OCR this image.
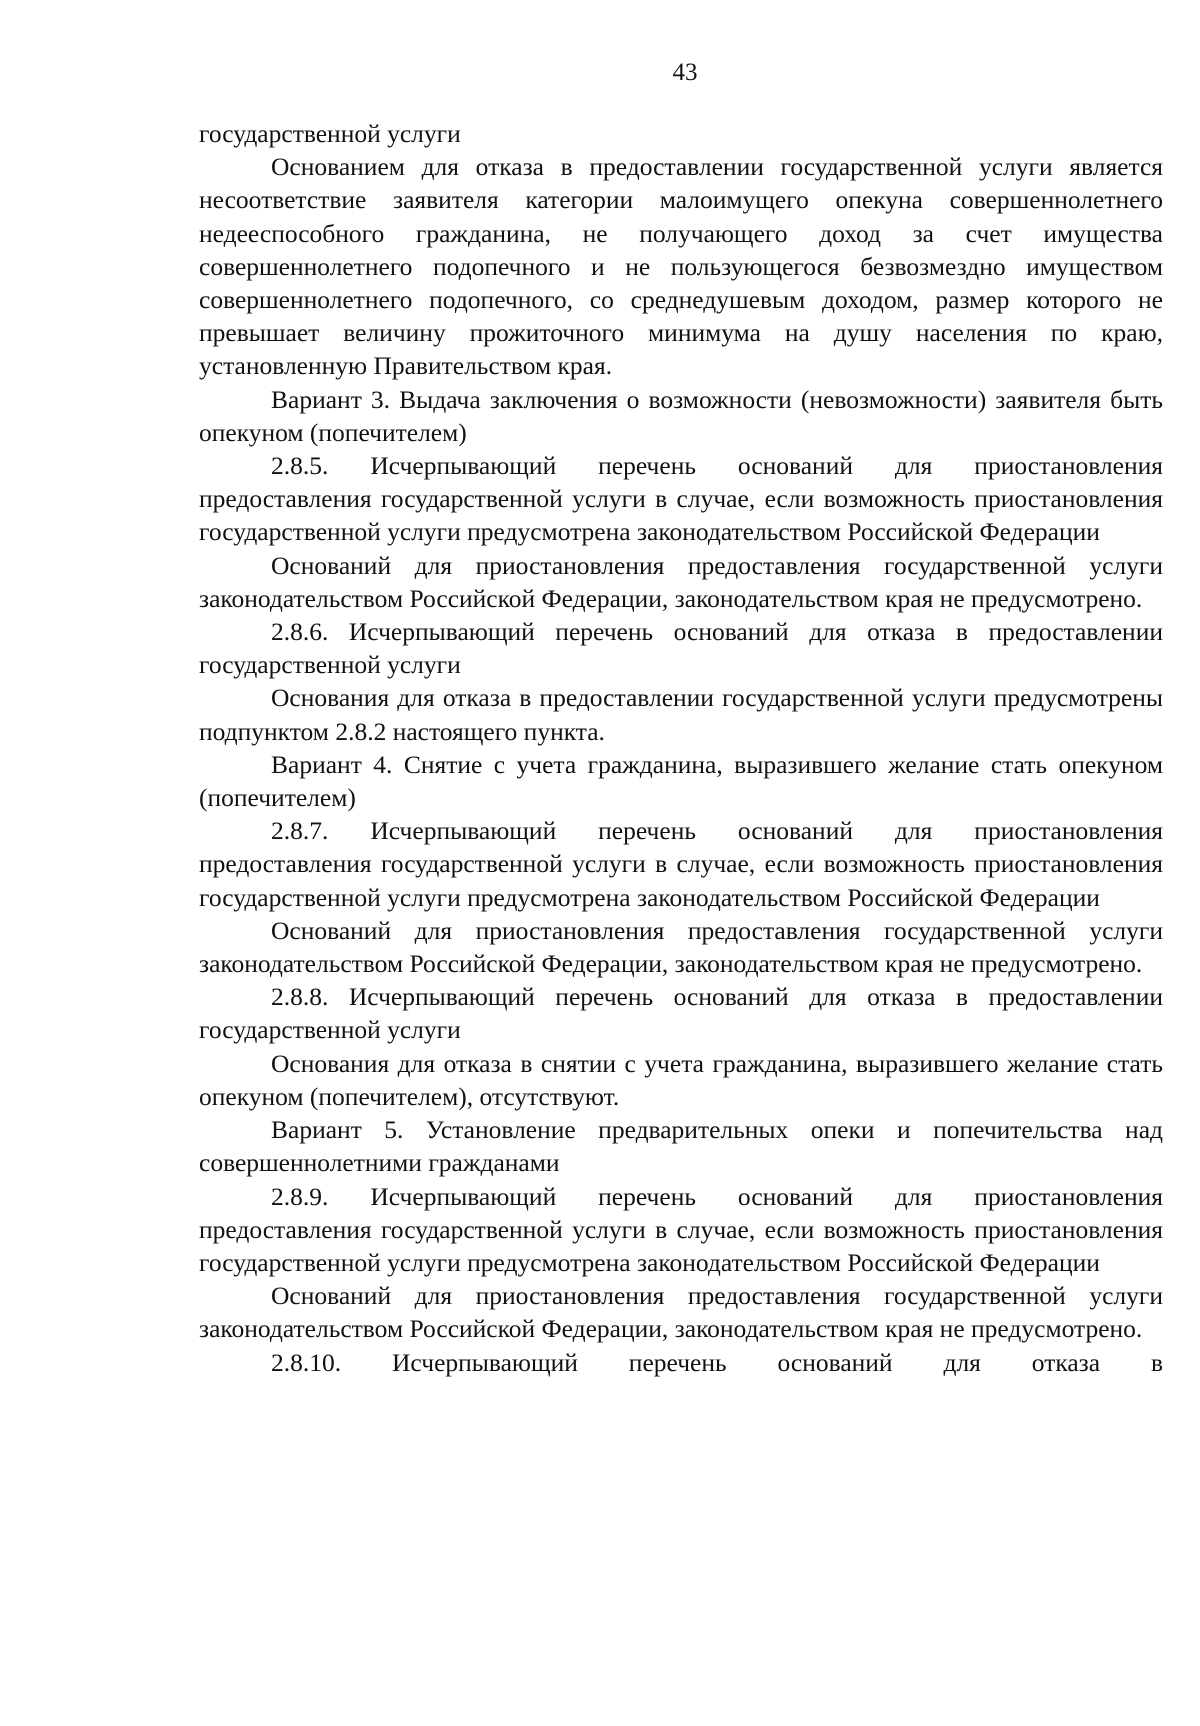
43

государственной услуги

Основанием для отказа в предоставлении государственной услуги является несоответствие заявителя категории малоимущего опекуна совершеннолетнего недееспособного гражданина, не получающего доход за счет имущества совершеннолетнего подопечного и не пользующегося безвозмездно имуществом совершеннолетнего подопечного, со среднедушевым доходом, размер которого не превышает величину прожиточного минимума на душу населения по краю, установленную Правительством края.

Вариант 3. Выдача заключения о возможности (невозможности) заявителя быть опекуном (попечителем)

2.8.5. Исчерпывающий перечень оснований для приостановления предоставления государственной услуги в случае, если возможность приостановления государственной услуги предусмотрена законодательством Российской Федерации

Оснований для приостановления предоставления государственной услуги законодательством Российской Федерации, законодательством края не предусмотрено.

2.8.6. Исчерпывающий перечень оснований для отказа в предоставлении государственной услуги

Основания для отказа в предоставлении государственной услуги предусмотрены подпунктом 2.8.2 настоящего пункта.

Вариант 4. Снятие с учета гражданина, выразившего желание стать опекуном (попечителем)

2.8.7. Исчерпывающий перечень оснований для приостановления предоставления государственной услуги в случае, если возможность приостановления государственной услуги предусмотрена законодательством Российской Федерации

Оснований для приостановления предоставления государственной услуги законодательством Российской Федерации, законодательством края не предусмотрено.

2.8.8. Исчерпывающий перечень оснований для отказа в предоставлении государственной услуги

Основания для отказа в снятии с учета гражданина, выразившего желание стать опекуном (попечителем), отсутствуют.

Вариант 5. Установление предварительных опеки и попечительства над совершеннолетними гражданами

2.8.9. Исчерпывающий перечень оснований для приостановления предоставления государственной услуги в случае, если возможность приостановления государственной услуги предусмотрена законодательством Российской Федерации

Оснований для приостановления предоставления государственной услуги законодательством Российской Федерации, законодательством края не предусмотрено.

2.8.10. Исчерпывающий перечень оснований для отказа в
